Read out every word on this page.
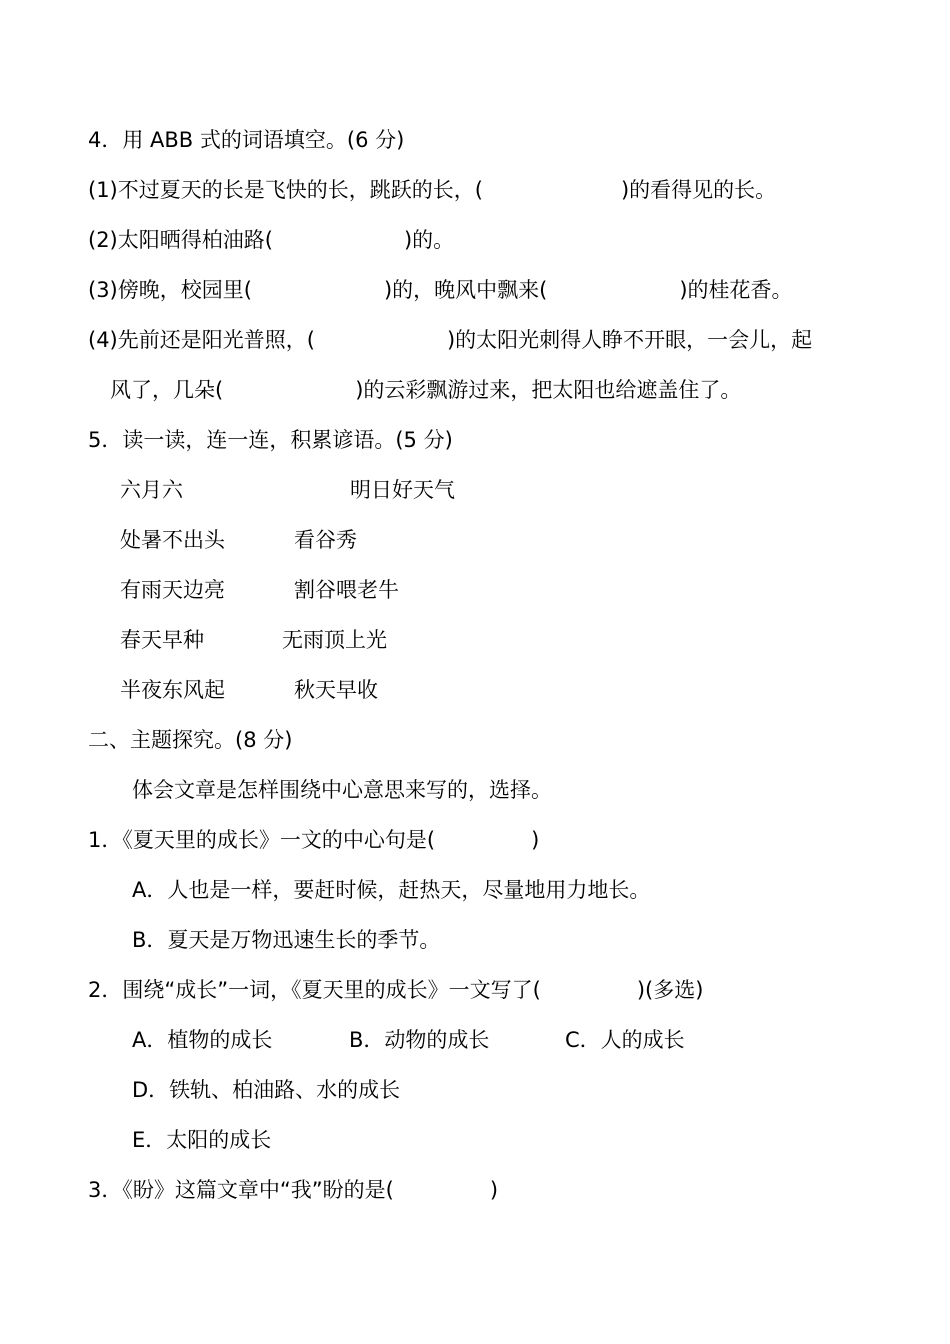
4．用 ABB 式的词语填空。(6 分)
(1)不过夏天的长是飞快的长，跳跃的长，(	)的看得见的长。
(2)太阳晒得柏油路(	)的。
(3)傍晚，校园里(	)的，晚风中飘来(	)的桂花香。
(4)先前还是阳光普照，(	)的太阳光刺得人睁不开眼，一会儿，起
风了，几朵(	)的云彩飘游过来，把太阳也给遮盖住了。
5．读一读，连一连，积累谚语。(5 分)
六月六	明日好天气
处暑不出头	看谷秀
有雨天边亮	割谷喂老牛
春天早种	无雨顶上光
半夜东风起	秋天早收
二、主题探究。(8 分)
体会文章是怎样围绕中心意思来写的，选择。
1．《夏天里的成长》一文的中心句是(	)
A．人也是一样，要赶时候，赶热天，尽量地用力地长。
B．夏天是万物迅速生长的季节。
2．围绕“成长”一词，《夏天里的成长》一文写了(	)(多选)
A．植物的成长	B．动物的成长	C．人的成长
D．铁轨、柏油路、水的成长
E．太阳的成长
3．《盼》这篇文章中“我”盼的是(	)
